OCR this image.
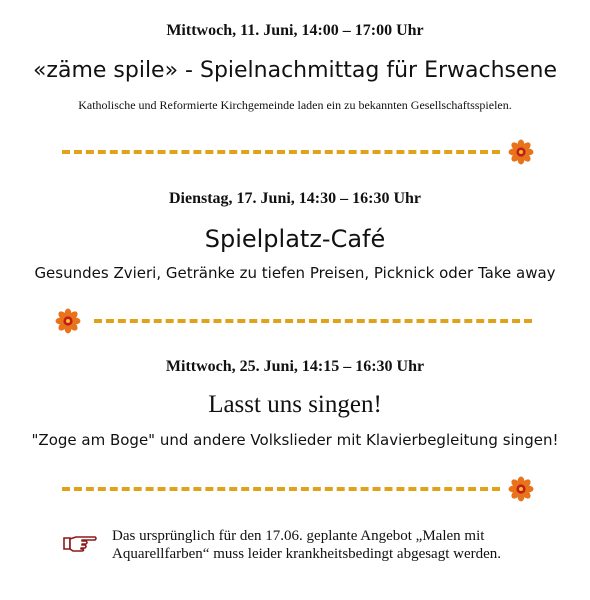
Mittwoch, 11. Juni, 14:00 – 17:00 Uhr
«zäme spile» - Spielnachmittag für Erwachsene
Katholische und Reformierte Kirchgemeinde laden ein zu bekannten Gesellschaftsspielen.
Dienstag, 17. Juni, 14:30 – 16:30 Uhr
Spielplatz-Café
Gesundes Zvieri, Getränke zu tiefen Preisen, Picknick oder Take away
Mittwoch, 25. Juni, 14:15 – 16:30 Uhr
Lasst uns singen!
"Zoge am Boge" und andere Volkslieder mit Klavierbegleitung singen!
Das ursprünglich für den 17.06. geplante Angebot „Malen mit Aquarellfarben“ muss leider krankheitsbedingt abgesagt werden.
